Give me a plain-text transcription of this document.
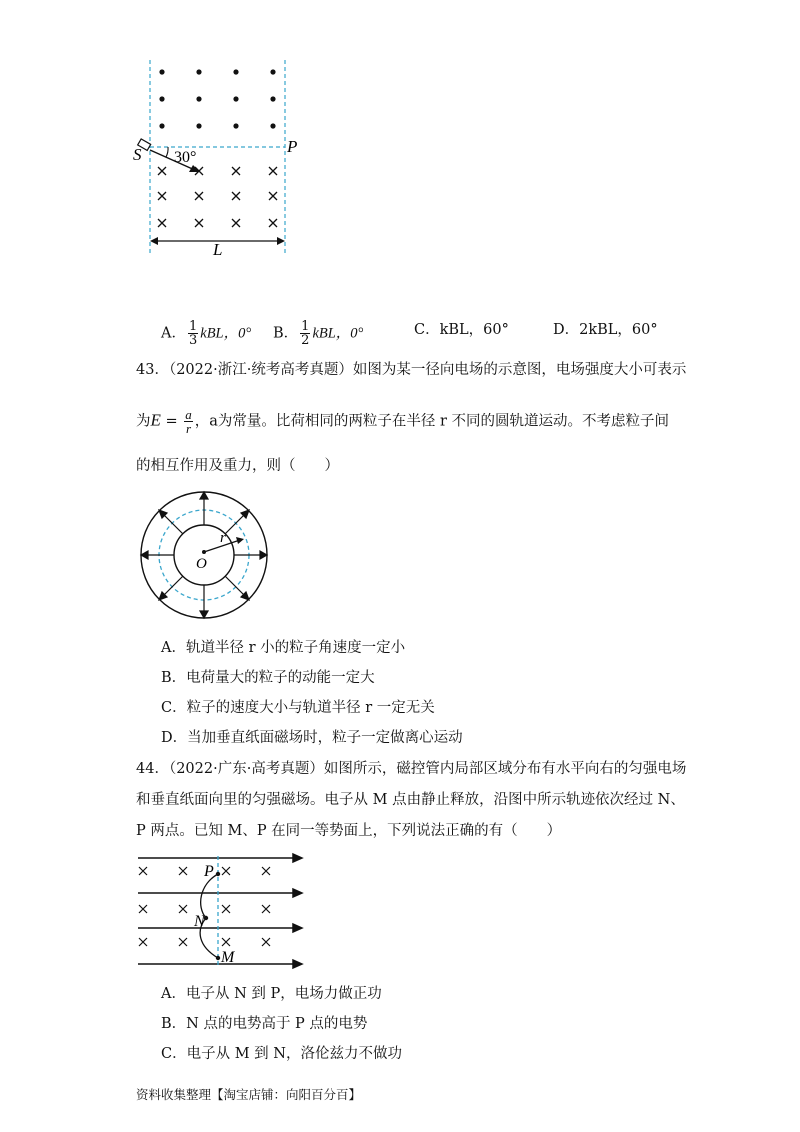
30°
S	P
L
A． $\frac{1}{3}$ kBL，0° B． $\frac{1}{2}$ kBL，0°	C．kBL，60°	D．2kBL，60°
43．（2022·浙江·统考高考真题）如图为某一径向电场的示意图，电场强度大小可表示
为$E = \frac{a}{r}$ ，a为常量。比荷相同的两粒子在半径 r 不同的圆轨道运动。不考虑粒子间
的相互作用及重力，则（　　）
r
O
A．轨道半径 r 小的粒子角速度一定小
B．电荷量大的粒子的动能一定大
C．粒子的速度大小与轨道半径 r 一定无关
D．当加垂直纸面磁场时，粒子一定做离心运动
44．（2022·广东·高考真题）如图所示，磁控管内局部区域分布有水平向右的匀强电场
和垂直纸面向里的匀强磁场。电子从 M 点由静止释放，沿图中所示轨迹依次经过 N、
P 两点。已知 M、P 在同一等势面上，下列说法正确的有（　　）
P
N
M
A．电子从 N 到 P，电场力做正功
B．N 点的电势高于 P 点的电势
C．电子从 M 到 N，洛伦兹力不做功
资料收集整理【淘宝店铺：向阳百分百】
